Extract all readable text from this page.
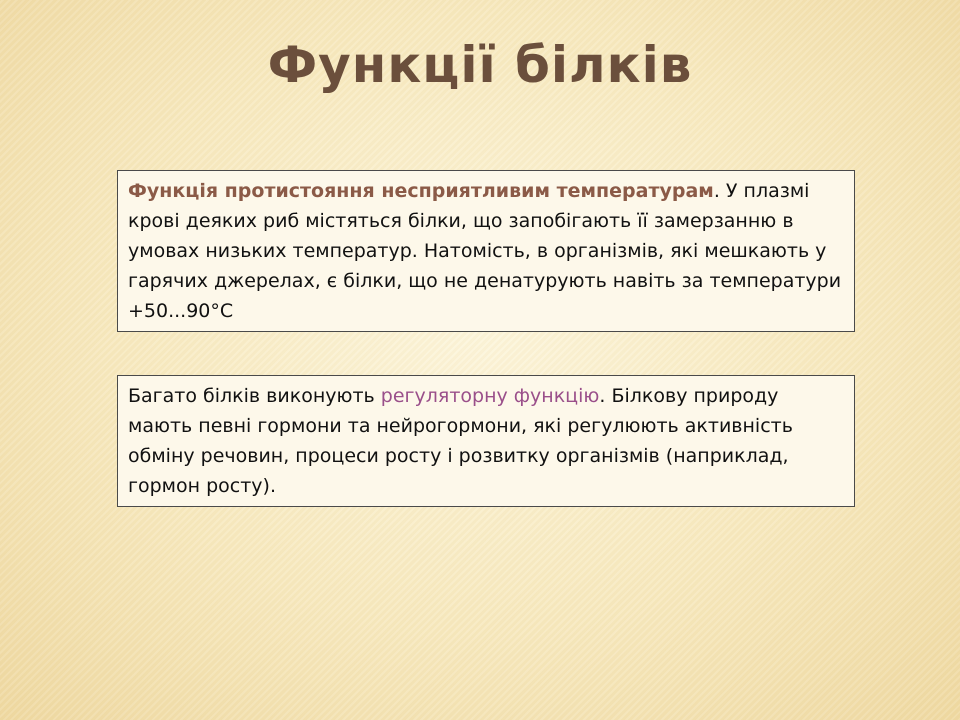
Функції білків
Функція протистояння несприятливим температурам. У плазмі крові деяких риб містяться білки, що запобігають її замерзанню в умовах низьких температур. Натомість, в організмів, які мешкають у гарячих джерелах, є білки, що не денатурують навіть за температури +50...90°С
Багато білків виконують регуляторну функцію. Білкову природу мають певні гормони та нейрогормони, які регулюють активність обміну речовин, процеси росту і розвитку організмів (наприклад, гормон росту).
